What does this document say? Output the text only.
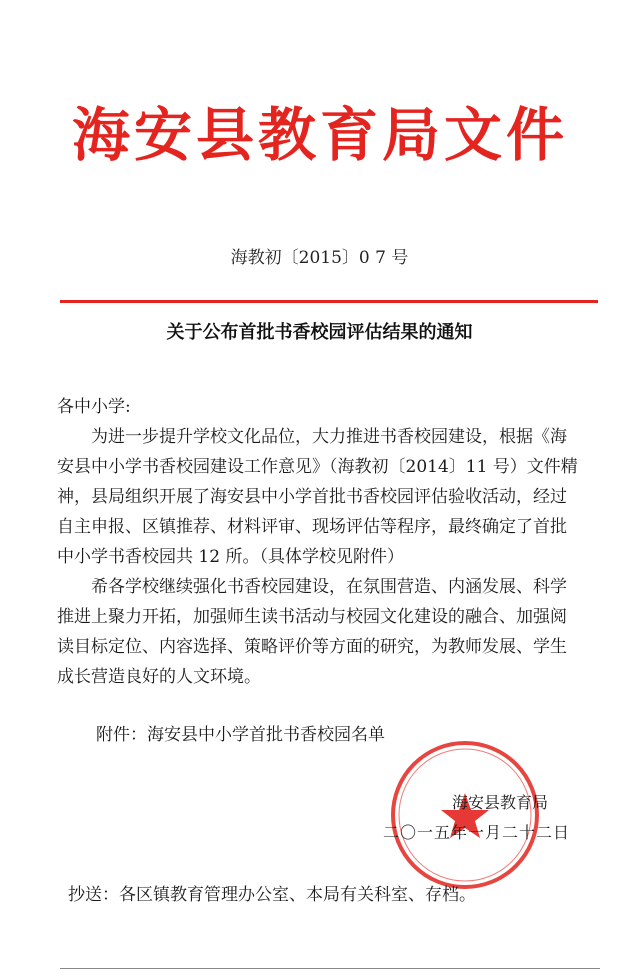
海安县教育局文件
海教初〔2015〕0 7 号
关于公布首批书香校园评估结果的通知
各中小学:
为进一步提升学校文化品位，大力推进书香校园建设，根据《海
安县中小学书香校园建设工作意见》（海教初〔2014〕11 号）文件精
神，县局组织开展了海安县中小学首批书香校园评估验收活动，经过
自主申报、区镇推荐、材料评审、现场评估等程序，最终确定了首批
中小学书香校园共 12 所。（具体学校见附件）
希各学校继续强化书香校园建设，在氛围营造、内涵发展、科学
推进上聚力开拓，加强师生读书活动与校园文化建设的融合、加强阅
读目标定位、内容选择、策略评价等方面的研究，为教师发展、学生
成长营造良好的人文环境。
附件：海安县中小学首批书香校园名单
海安县教育局
二〇一五年一月二十二日
抄送：各区镇教育管理办公室、本局有关科室、存档。
